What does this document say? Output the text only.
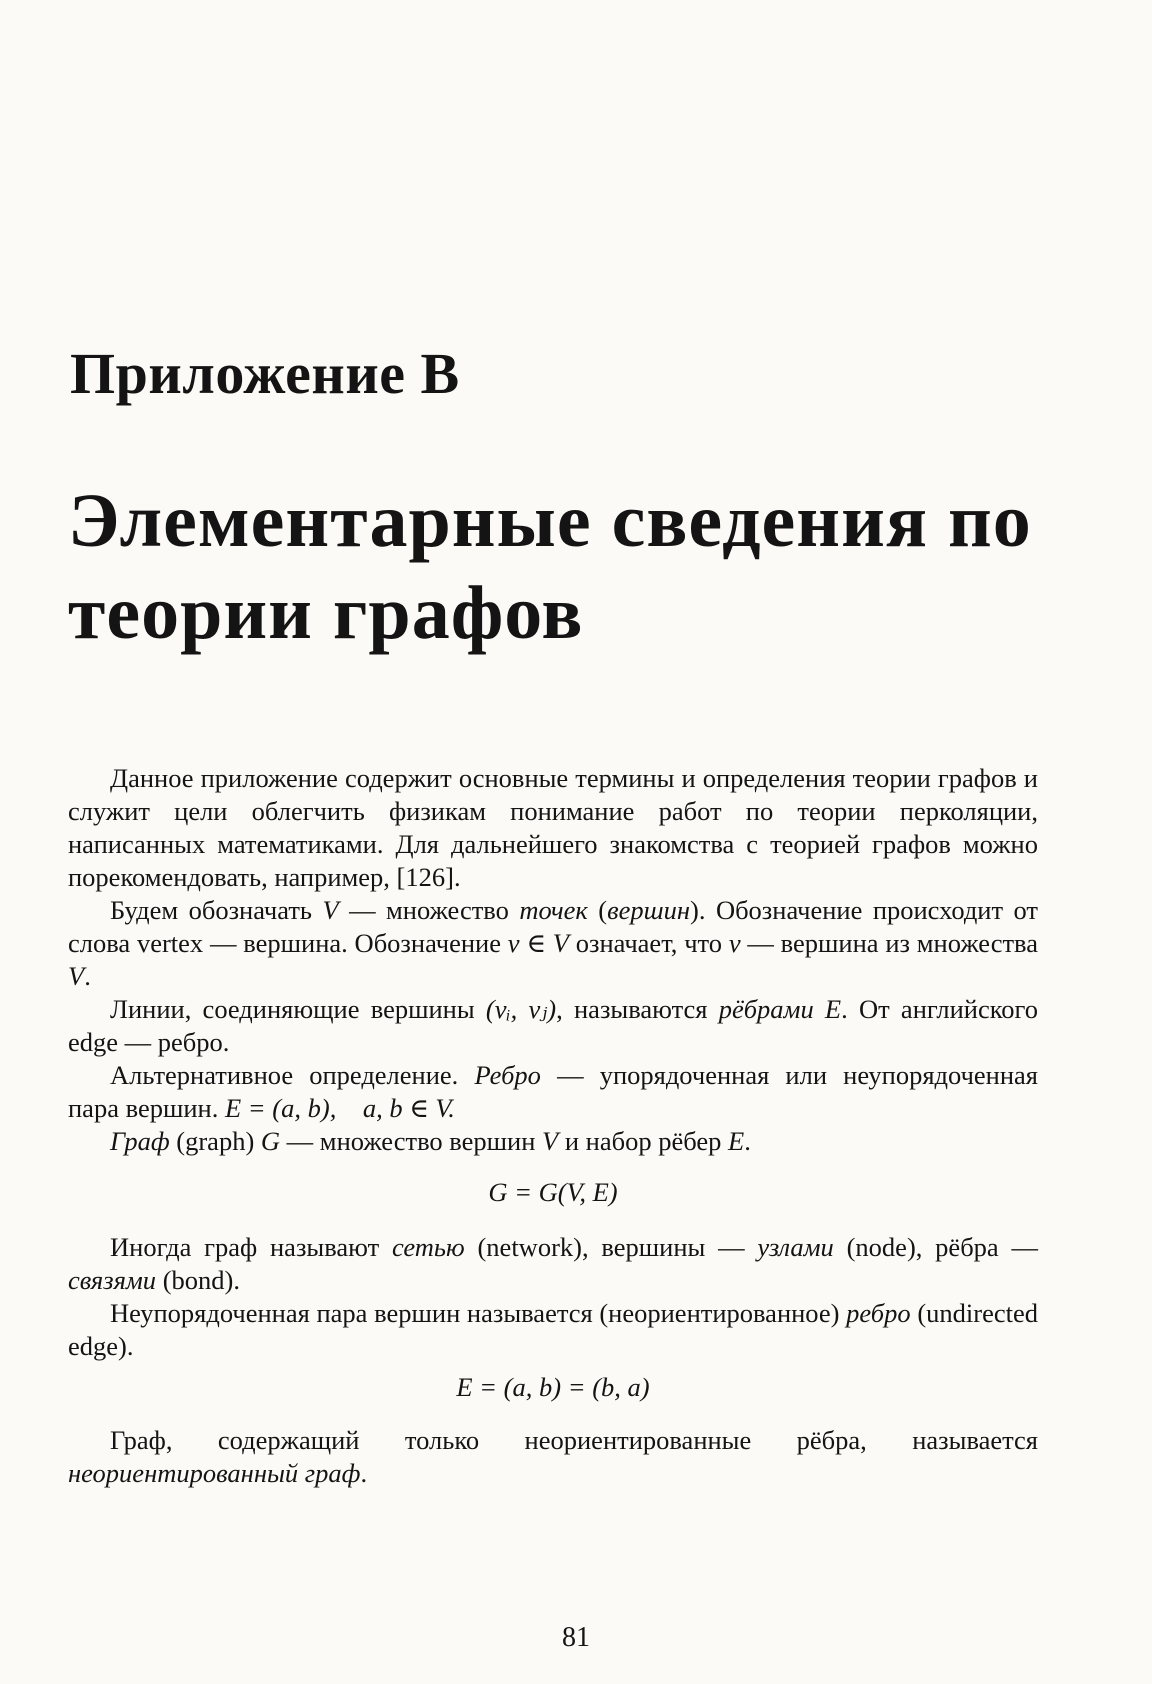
Приложение В
Элементарные сведения по
теории графов

Данное приложение содержит основные термины и определения теории графов и служит цели облегчить физикам понимание работ по теории перколяции, написанных математиками. Для дальнейшего знакомства с теорией графов можно порекомендовать, например, [126].

Будем обозначать V — множество точек (вершин). Обозначение происходит от слова vertex — вершина. Обозначение v ∈ V означает, что v — вершина из множества V.

Линии, соединяющие вершины (vᵢ, vⱼ), называются рёбрами E. От английского edge — ребро.

Альтернативное определение. Ребро — упорядоченная или неупорядоченная пара вершин. E = (a, b),    a, b ∈ V.

Граф (graph) G — множество вершин V и набор рёбер E.

G = G(V, E)

Иногда граф называют сетью (network), вершины — узлами (node), рёбра — связями (bond).

Неупорядоченная пара вершин называется (неориентированное) ребро (undirected edge).

E = (a, b) = (b, a)

Граф, содержащий только неориентированные рёбра, называется неориентированный граф.

81
